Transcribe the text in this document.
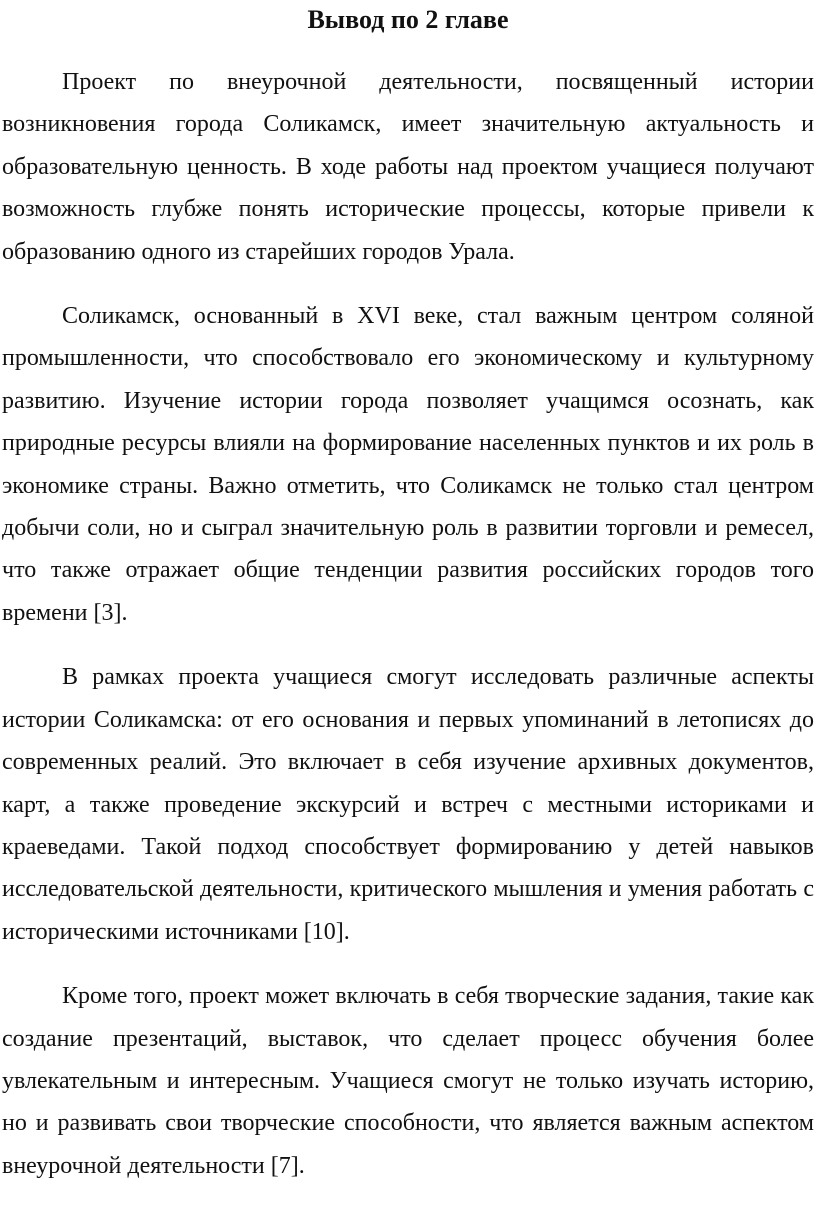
Вывод по 2 главе

Проект по внеурочной деятельности, посвященный истории возникновения города Соликамск, имеет значительную актуальность и образовательную ценность. В ходе работы над проектом учащиеся получают возможность глубже понять исторические процессы, которые привели к образованию одного из старейших городов Урала.

Соликамск, основанный в XVI веке, стал важным центром соляной промышленности, что способствовало его экономическому и культурному развитию. Изучение истории города позволяет учащимся осознать, как природные ресурсы влияли на формирование населенных пунктов и их роль в экономике страны. Важно отметить, что Соликамск не только стал центром добычи соли, но и сыграл значительную роль в развитии торговли и ремесел, что также отражает общие тенденции развития российских городов того времени [3].

В рамках проекта учащиеся смогут исследовать различные аспекты истории Соликамска: от его основания и первых упоминаний в летописях до современных реалий. Это включает в себя изучение архивных документов, карт, а также проведение экскурсий и встреч с местными историками и краеведами. Такой подход способствует формированию у детей навыков исследовательской деятельности, критического мышления и умения работать с историческими источниками [10].

Кроме того, проект может включать в себя творческие задания, такие как создание презентаций, выставок, что сделает процесс обучения более увлекательным и интересным. Учащиеся смогут не только изучать историю, но и развивать свои творческие способности, что является важным аспектом внеурочной деятельности [7].
